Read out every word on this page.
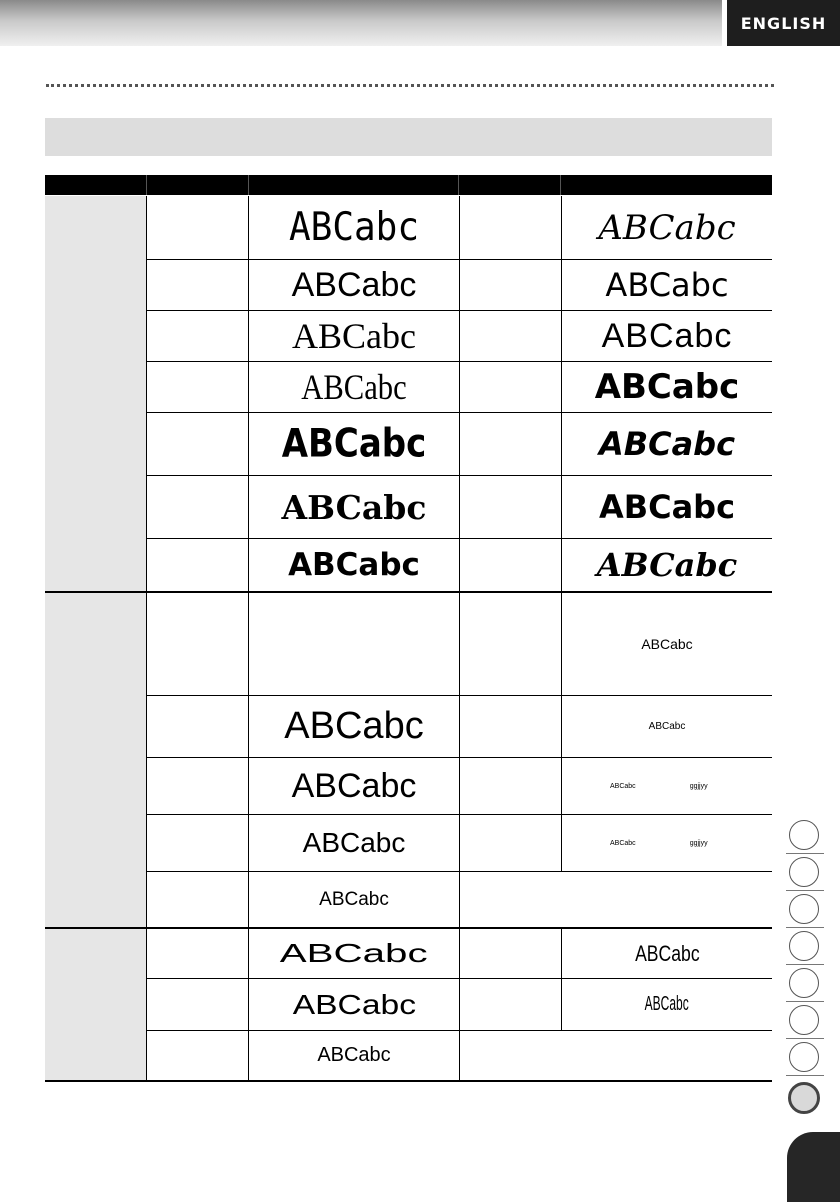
ENGLISH
ABCabc
ABCabc
ABCabc
ABCabc
ABCabc
ABCabc
ABCabc
ABCabc
ABCabc
ABCabc
ABCabc
ABCabc
ABCabc
ABCabc
ABCabc
ABCabc
ABCabc
ABCabc
ABCabc
ABCabc
ABCabc	ggjjyy
ABCabc	ggjjyy
ABCabc
ABCabc
ABCabc
ABCabc
ABCabc
